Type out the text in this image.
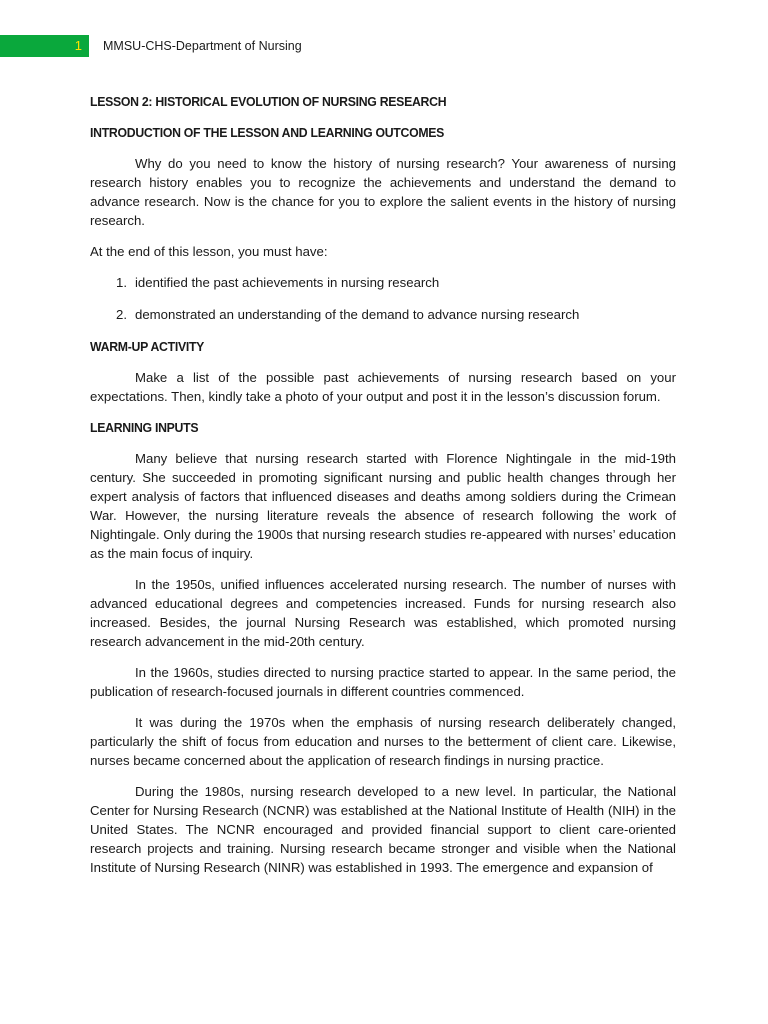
1 MMSU-CHS-Department of Nursing
LESSON 2: HISTORICAL EVOLUTION OF NURSING RESEARCH
INTRODUCTION OF THE LESSON AND LEARNING OUTCOMES

Why do you need to know the history of nursing research? Your awareness of nursing research history enables you to recognize the achievements and understand the demand to advance research. Now is the chance for you to explore the salient events in the history of nursing research.

At the end of this lesson, you must have:

1. identified the past achievements in nursing research
2. demonstrated an understanding of the demand to advance nursing research
WARM-UP ACTIVITY

Make a list of the possible past achievements of nursing research based on your expectations. Then, kindly take a photo of your output and post it in the lesson’s discussion forum.

LEARNING INPUTS

Many believe that nursing research started with Florence Nightingale in the mid-19th century. She succeeded in promoting significant nursing and public health changes through her expert analysis of factors that influenced diseases and deaths among soldiers during the Crimean War. However, the nursing literature reveals the absence of research following the work of Nightingale. Only during the 1900s that nursing research studies re-appeared with nurses’ education as the main focus of inquiry.

In the 1950s, unified influences accelerated nursing research. The number of nurses with advanced educational degrees and competencies increased. Funds for nursing research also increased. Besides, the journal Nursing Research was established, which promoted nursing research advancement in the mid-20th century.

In the 1960s, studies directed to nursing practice started to appear. In the same period, the publication of research-focused journals in different countries commenced.

It was during the 1970s when the emphasis of nursing research deliberately changed, particularly the shift of focus from education and nurses to the betterment of client care. Likewise, nurses became concerned about the application of research findings in nursing practice.

During the 1980s, nursing research developed to a new level. In particular, the National Center for Nursing Research (NCNR) was established at the National Institute of Health (NIH) in the United States. The NCNR encouraged and provided financial support to client care-oriented research projects and training. Nursing research became stronger and visible when the National Institute of Nursing Research (NINR) was established in 1993. The emergence and expansion of
